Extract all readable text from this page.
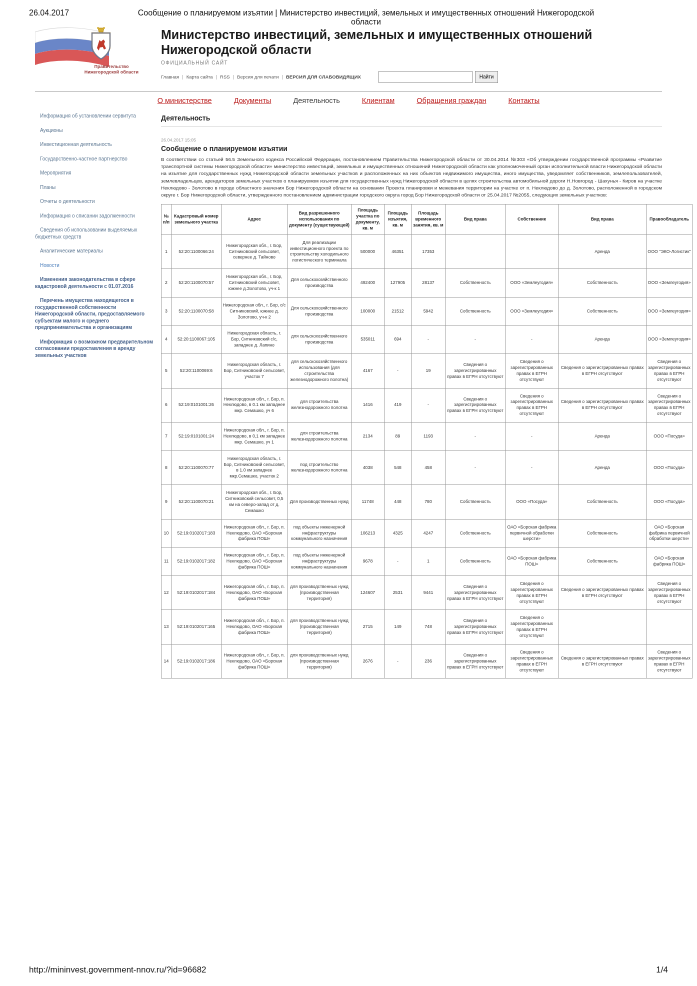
26.04.2017	Сообщение о планируемом изъятии | Министерство инвестиций, земельных и имущественных отношений Нижегородской области
Правительство
Нижегородской области
Министерство инвестиций, земельных и имущественных отношений Нижегородской области
ОФИЦИАЛЬНЫЙ САЙТ
Главная | Карта сайта | RSS | Версия для печати | ВЕРСИЯ ДЛЯ СЛАБОВИДЯЩИХ	Найти
О министерстве Документы Деятельность Клиентам Обращения граждан Контакты
Информация об установлении сервитута
Аукционы
Инвестиционная деятельность
Государственно-частное партнерство
Мероприятия
Планы
Отчеты о деятельности
Информация о списании задолженности
Сведения об использовании выделяемых бюджетных средств
Аналитические материалы
Новости
Изменения законодательства в сфере кадастровой деятельности с 01.07.2016
Перечень имущества находящегося в государственной собственности Нижегородской области, предоставляемого субъектам малого и среднего предпринимательства и организациям
Информация о возможном предварительном согласовании предоставления в аренду земельных участков
Деятельность
26.04.2017 15:05
Сообщение о планируемом изъятии
В соответствии со статьей 56.5 Земельного кодекса Российской Федерации, постановлением Правительства Нижегородской области от 30.04.2014 №303 «Об утверждении государственной программы «Развитие транспортной системы Нижегородской области» министерство инвестиций, земельных и имущественных отношений Нижегородской области как уполномоченный орган исполнительной власти Нижегородской области на изъятие для государственных нужд Нижегородской области земельных участков и расположенных на них объектов недвижимого имущества, иного имущества, уведомляет собственников, землепользователей, землевладельцев, арендаторов земельных участков о планируемом изъятии для государственных нужд Нижегородской области в целях строительства автомобильной дороги Н.Новгород - Шахунья - Киров на участке Неклюдово - Золотово в городе областного значения Бор Нижегородской области на основании Проекта планировки и межевания территории на участке от п. Неклюдово до д. Золотово, расположенной в городском округе г. Бор Нижегородской области, утвержденного постановлением администрации городского округа город Бор Нижегородской области от 25.04.2017 №2055, следующих земельных участков:
№ п/п	Кадастровый номер земельного участка	Адрес	Вид разрешенного использования по документу (существующей)	Площадь участка по документу, кв. м	Площадь изъятия, кв. м	Площадь временного занятия, кв. м	Вид права	Собственник	Вид права	Правообладатель
1	52:20:1100066:24	Нижегородская обл., г. Бор, Ситниковский сельсовет, севернее д. Тайново	Для реализации инвестиционного проекта по строительству холодильного логистического терминала	500000	46351	17353			Аренда	ООО "ЭКО-Логистик"
2	52:20:1100070:57	Нижегородская обл., г. Бор, Ситниковский сельсовет, южнее д.Золотово, уч-к 1	Для сельскохозяйственного производства	492400	127905	28137	Собственность	ООО «Землеугодия»	Собственность	ООО «Землеугодия»
3	52:20:1100070:58	Нижегородская обл., г. Бор, с/с Ситниковский, южнее д. Золотово, уч-к 2	Для сельскохозяйственного производства	100000	21512	5942	Собственность	ООО «Землеугодия»	Собственность	ООО «Землеугодия»
4	52:20:1100067:105	Нижегородская область, г. Бор, Ситниковский с/с, западнее д. Лапино	для сельскохозяйственного производства	535011	694	-	-	-	Аренда	ООО «Землеугодия»
5	52:20:1100069:6	Нижегородская область, г. Бор, Ситниковский сельсовет, участок 7	для сельскохозяйственного использования (для строительства железнодорожного полотна)	4167	-	19	Сведения о зарегистрированных правах в ЕГРН отсутствуют	Сведения о зарегистрированных правах в ЕГРН отсутствуют	Сведения о зарегистрированных правах в ЕГРН отсутствуют	Сведения о зарегистрированных правах в ЕГРН отсутствуют
6	52:19:0101001:26	Нижегородская обл., г. Бор, п. Неклюдово, в 0.1 км западнее мкр. Семашко, уч 6	для строительства железнодорожного полотна	1416	419	-	Сведения о зарегистрированных правах в ЕГРН отсутствуют	Сведения о зарегистрированных правах в ЕГРН отсутствуют	Сведения о зарегистрированных правах в ЕГРН отсутствуют	Сведения о зарегистрированных правах в ЕГРН отсутствуют
7	52:19:0101001:24	Нижегородская обл., г. Бор, п. Неклюдово, в 0,1 км западнее мкр. Семашко, уч 1	для строительства железнодорожного полотна	2134	89	1193	-	-	Аренда	ООО «Посуда»
8	52:20:1100070:77	Нижегородская область, г. Бор, Ситниковский сельсовет, в 1.0 км западнее мкр.Семашко, участок 2	под строительство железнодорожного полотна	4038	548	458	-	-	Аренда	ООО «Посуда»
9	52:20:1100070:21	Нижегородская обл., г. Бор, Ситниковский сельсовет, 0,5 км на северо-запад от д. Семашко	Для производственных нужд	11748	448	780	Собственность	ООО «Посуда»	Собственность	ООО «Посуда»
10	52:19:0102017:183	Нижегородская обл., г. Бор, п. Неклюдово, ОАО «Борская фабрика ПОШ»	под объекты инженерной инфраструктуры коммунального назначения	106213	4325	4247	Собственность	ОАО «Борская фабрика первичной обработки шерсти»	Собственность	ОАО «Борская фабрика первичной обработки шерсти»
11	52:19:0102017:182	Нижегородская обл., г. Бор, п. Неклюдово, ОАО «Борская фабрика ПОШ»	под объекты инженерной инфраструктуры коммунального назначения	9678	-	1	Собственность	ОАО «Борская фабрика ПОШ»	Собственность	ОАО «Борская фабрика ПОШ»
12	52:19:0102017:184	Нижегородская обл., г. Бор, п. Неклюдово, ОАО «Борская фабрика ПОШ»	для производственных нужд (производственная территория)	124607	2531	9441	Сведения о зарегистрированных правах в ЕГРН отсутствуют	Сведения о зарегистрированных правах в ЕГРН отсутствуют	Сведения о зарегистрированных правах в ЕГРН отсутствуют	Сведения о зарегистрированных правах в ЕГРН отсутствуют
13	52:19:0102017:165	Нижегородская обл., г. Бор, п. Неклюдово, ОАО «Борская фабрика ПОШ»	для производственных нужд (производственная территория)	2715	149	748	Сведения о зарегистрированных правах в ЕГРН отсутствуют	Сведения о зарегистрированных правах в ЕГРН отсутствуют		
14	52:19:0102017:186	Нижегородская обл., г. Бор, п. Неклюдово, ОАО «Борская фабрика ПОШ»	для производственных нужд (производственная территория)	2676	-	236	Сведения о зарегистрированных правах в ЕГРН отсутствуют	Сведения о зарегистрированных правах в ЕГРН отсутствуют	Сведения о зарегистрированных правах в ЕГРН отсутствуют	Сведения о зарегистрированных правах в ЕГРН отсутствуют
http://mininvest.government-nnov.ru/?id=96682	1/4
